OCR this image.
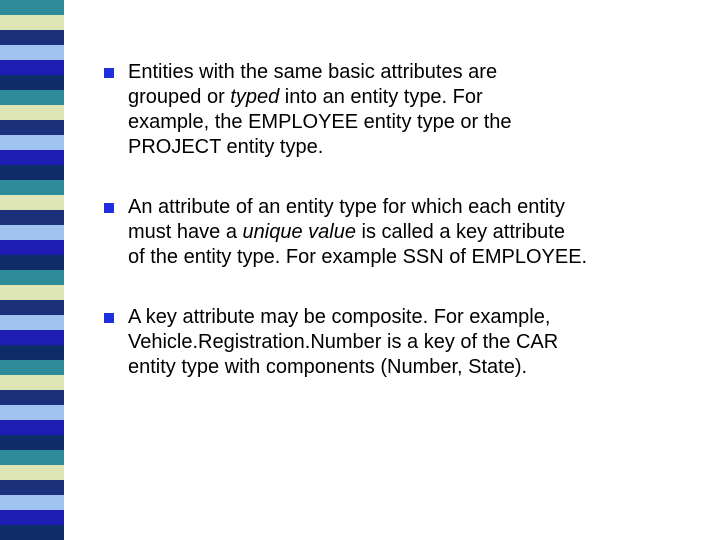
Entities with the same basic attributes are
grouped or typed into an entity type. For
example, the EMPLOYEE entity type or the
PROJECT entity type.
An attribute of an entity type for which each entity
must have a unique value is called a key attribute
of the entity type. For example SSN of EMPLOYEE.
A key attribute may be composite. For example,
Vehicle.Registration.Number is a key of the CAR
entity type with components (Number, State).
